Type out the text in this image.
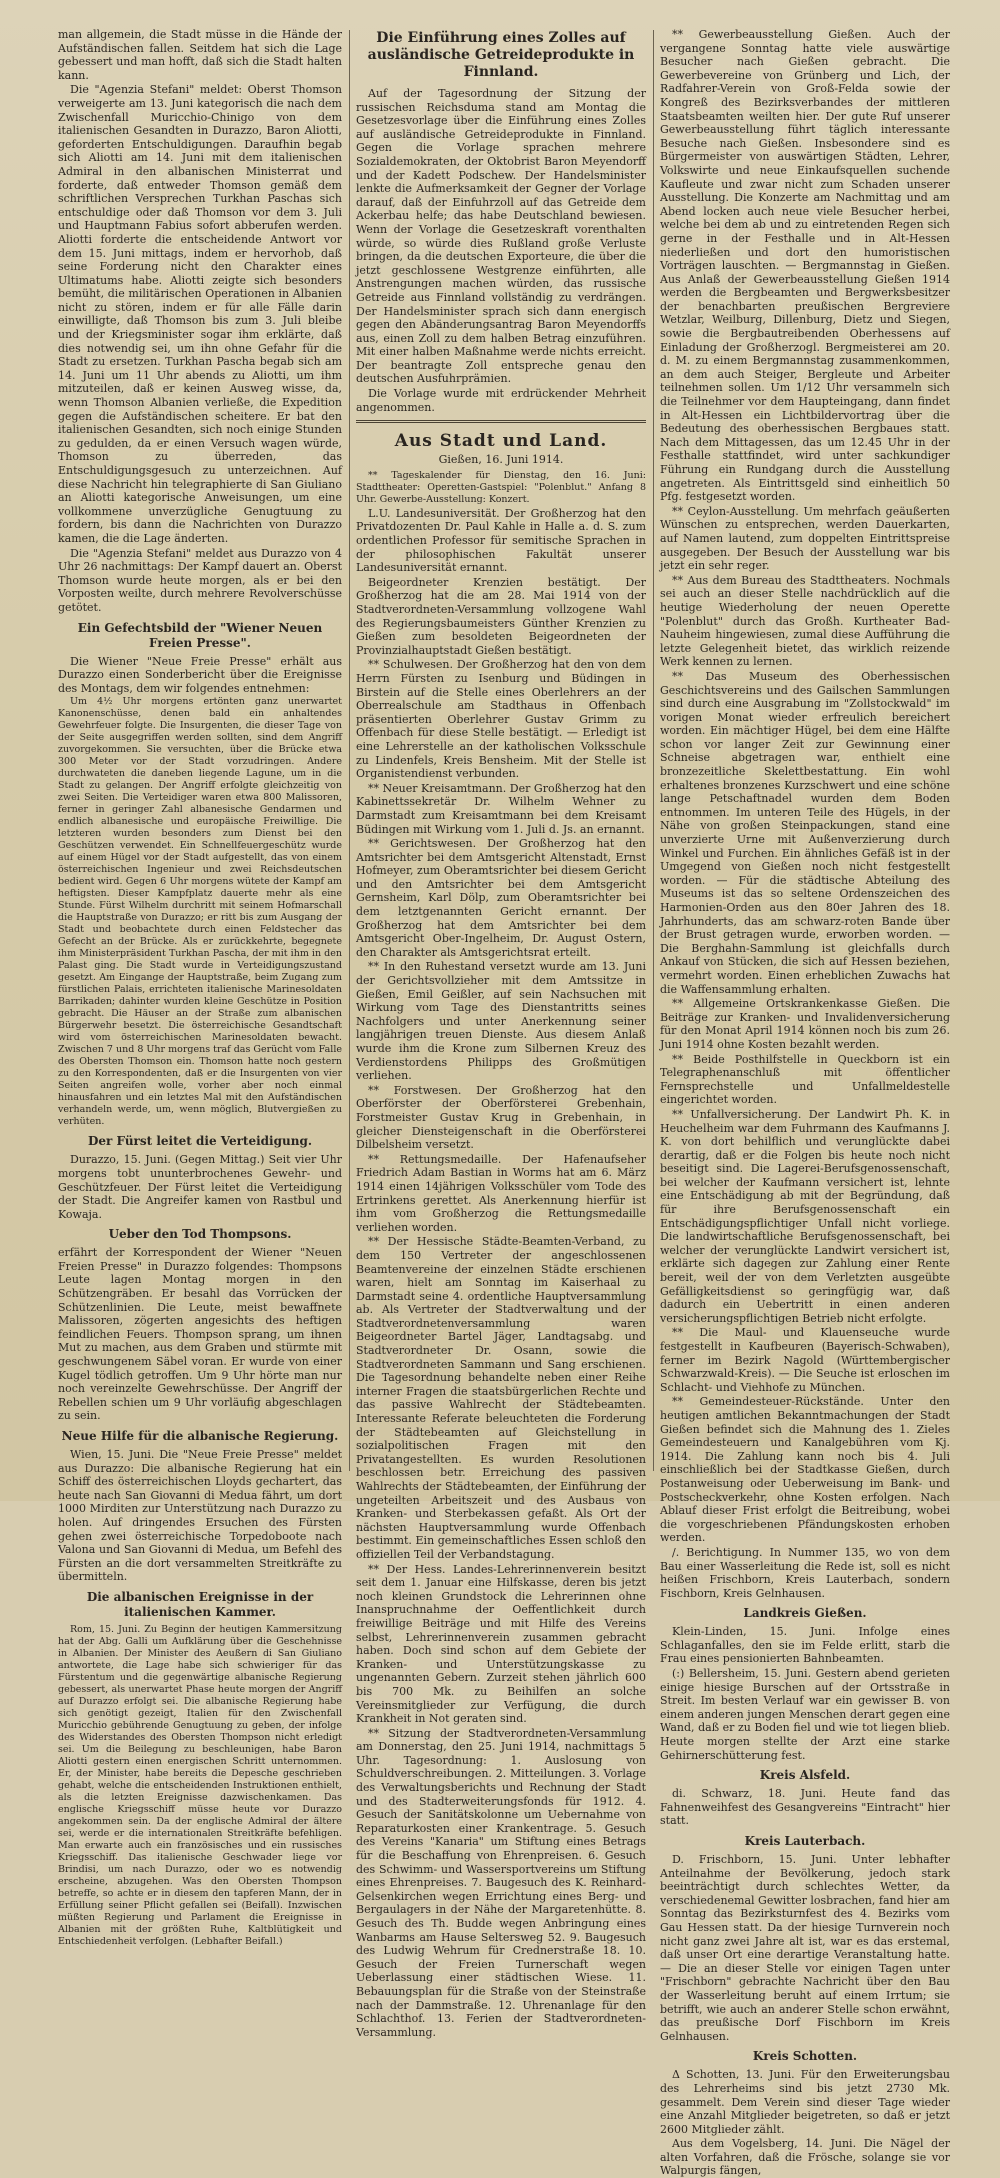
man allgemein, die Stadt müsse in die Hände der Aufständischen fallen. Seitdem hat sich die Lage gebessert und man hofft, daß sich die Stadt halten kann.

Die "Agenzia Stefani" meldet: Oberst Thomson verweigerte am 13. Juni kategorisch die nach dem Zwischenfall Muricchio-Chinigo von dem italienischen Gesandten in Durazzo, Baron Aliotti, geforderten Entschuldigungen. Daraufhin begab sich Aliotti am 14. Juni mit dem italienischen Admiral in den albanischen Ministerrat und forderte, daß entweder Thomson gemäß dem schriftlichen Versprechen Turkhan Paschas sich entschuldige oder daß Thomson vor dem 3. Juli und Hauptmann Fabius sofort abberufen werden. Aliotti forderte die entscheidende Antwort vor dem 15. Juni mittags, indem er hervorhob, daß seine Forderung nicht den Charakter eines Ultimatums habe. Aliotti zeigte sich besonders bemüht, die militärischen Operationen in Albanien nicht zu stören, indem er für alle Fälle darin einwilligte, daß Thomson bis zum 3. Juli bleibe und der Kriegsminister sogar ihm erklärte, daß dies notwendig sei, um ihn ohne Gefahr für die Stadt zu ersetzen. Turkhan Pascha begab sich am 14. Juni um 11 Uhr abends zu Aliotti, um ihm mitzuteilen, daß er keinen Ausweg wisse, da, wenn Thomson Albanien verließe, die Expedition gegen die Aufständischen scheitere. Er bat den italienischen Gesandten, sich noch einige Stunden zu gedulden, da er einen Versuch wagen würde, Thomson zu überreden, das Entschuldigungsgesuch zu unterzeichnen. Auf diese Nachricht hin telegraphierte di San Giuliano an Aliotti kategorische Anweisungen, um eine vollkommene unverzügliche Genugtuung zu fordern, bis dann die Nachrichten von Durazzo kamen, die die Lage änderten.

Die "Agenzia Stefani" meldet aus Durazzo von 4 Uhr 26 nachmittags: Der Kampf dauert an. Oberst Thomson wurde heute morgen, als er bei den Vorposten weilte, durch mehrere Revolverschüsse getötet.

Ein Gefechtsbild der "Wiener Neuen Freien Presse".

Die Wiener "Neue Freie Presse" erhält aus Durazzo einen Sonderbericht über die Ereignisse des Montags, dem wir folgendes entnehmen:

Um 4½ Uhr morgens ertönten ganz unerwartet Kanonenschüsse, denen bald ein anhaltendes Gewehrfeuer folgte. Die Insurgenten, die dieser Tage von der Seite ausgegriffen werden sollten, sind dem Angriff zuvorgekommen. Sie versuchten, über die Brücke etwa 300 Meter vor der Stadt vorzudringen. Andere durchwateten die daneben liegende Lagune, um in die Stadt zu gelangen. Der Angriff erfolgte gleichzeitig von zwei Seiten. Die Verteidiger waren etwa 800 Malissoren, ferner in geringer Zahl albanesische Gendarmen und endlich albanesische und europäische Freiwillige. Die letzteren wurden besonders zum Dienst bei den Geschützen verwendet. Ein Schnellfeuergeschütz wurde auf einem Hügel vor der Stadt aufgestellt, das von einem österreichischen Ingenieur und zwei Reichsdeutschen bedient wird. Gegen 6 Uhr morgens wütete der Kampf am heftigsten. Dieser Kampfplatz dauerte mehr als eine Stunde. Fürst Wilhelm durchritt mit seinem Hofmarschall die Hauptstraße von Durazzo; er ritt bis zum Ausgang der Stadt und beobachtete durch einen Feldstecher das Gefecht an der Brücke. Als er zurückkehrte, begegnete ihm Ministerpräsident Turkhan Pascha, der mit ihm in den Palast ging. Die Stadt wurde in Verteidigungszustand gesetzt. Am Eingange der Hauptstraße, beim Zugang zum fürstlichen Palais, errichteten italienische Marinesoldaten Barrikaden; dahinter wurden kleine Geschütze in Position gebracht. Die Häuser an der Straße zum albanischen Bürgerwehr besetzt. Die österreichische Gesandtschaft wird vom österreichischen Marinesoldaten bewacht. Zwischen 7 und 8 Uhr morgens traf das Gerücht vom Falle des Obersten Thomson ein. Thomson hatte noch gestern zu den Korrespondenten, daß er die Insurgenten von vier Seiten angreifen wolle, vorher aber noch einmal hinausfahren und ein letztes Mal mit den Aufständischen verhandeln werde, um, wenn möglich, Blutvergießen zu verhüten.

Der Fürst leitet die Verteidigung.

Durazzo, 15. Juni. (Gegen Mittag.) Seit vier Uhr morgens tobt ununterbrochenes Gewehr- und Geschützfeuer. Der Fürst leitet die Verteidigung der Stadt. Die Angreifer kamen von Rastbul und Kowaja.

Ueber den Tod Thompsons.

erfährt der Korrespondent der Wiener "Neuen Freien Presse" in Durazzo folgendes: Thompsons Leute lagen Montag morgen in den Schützengräben. Er besahl das Vorrücken der Schützenlinien. Die Leute, meist bewaffnete Malissoren, zögerten angesichts des heftigen feindlichen Feuers. Thompson sprang, um ihnen Mut zu machen, aus dem Graben und stürmte mit geschwungenem Säbel voran. Er wurde von einer Kugel tödlich getroffen. Um 9 Uhr hörte man nur noch vereinzelte Gewehrschüsse. Der Angriff der Rebellen schien um 9 Uhr vorläufig abgeschlagen zu sein.

Neue Hilfe für die albanische Regierung.

Wien, 15. Juni. Die "Neue Freie Presse" meldet aus Durazzo: Die albanische Regierung hat ein Schiff des österreichischen Lloyds gechartert, das heute nach San Giovanni di Medua fährt, um dort 1000 Mirditen zur Unterstützung nach Durazzo zu holen. Auf dringendes Ersuchen des Fürsten gehen zwei österreichische Torpedoboote nach Valona und San Giovanni di Medua, um Befehl des Fürsten an die dort versammelten Streitkräfte zu übermitteln.

Die albanischen Ereignisse in der italienischen Kammer.

Rom, 15. Juni. Zu Beginn der heutigen Kammersitzung hat der Abg. Galli um Aufklärung über die Geschehnisse in Albanien. Der Minister des Aeußern di San Giuliano antwortete, die Lage habe sich schwieriger für das Fürstentum und die gegenwärtige albanische Regierung gebessert, als unerwartet Phase heute morgen der Angriff auf Durazzo erfolgt sei. Die albanische Regierung habe sich genötigt gezeigt, Italien für den Zwischenfall Muricchio gebührende Genugtuung zu geben, der infolge des Widerstandes des Obersten Thompson nicht erledigt sei. Um die Beilegung zu beschleunigen, habe Baron Aliotti gestern einen energischen Schritt unternommen. Er, der Minister, habe bereits die Depesche geschrieben gehabt, welche die entscheidenden Instruktionen enthielt, als die letzten Ereignisse dazwischenkamen. Das englische Kriegsschiff müsse heute vor Durazzo angekommen sein. Da der englische Admiral der ältere sei, werde er die internationalen Streitkräfte befehligen. Man erwarte auch ein französisches und ein russisches Kriegsschiff. Das italienische Geschwader liege vor Brindisi, um nach Durazzo, oder wo es notwendig erscheine, abzugehen. Was den Obersten Thompson betreffe, so achte er in diesem den tapferen Mann, der in Erfüllung seiner Pflicht gefallen sei (Beifall). Inzwischen müßten Regierung und Parlament die Ereignisse in Albanien mit der größten Ruhe, Kaltblütigkeit und Entschiedenheit verfolgen. (Lebhafter Beifall.)

Die Einführung eines Zolles auf ausländische Getreideprodukte in Finnland.

Auf der Tagesordnung der Sitzung der russischen Reichsduma stand am Montag die Gesetzesvorlage über die Einführung eines Zolles auf ausländische Getreideprodukte in Finnland. Gegen die Vorlage sprachen mehrere Sozialdemokraten, der Oktobrist Baron Meyendorff und der Kadett Podschew. Der Handelsminister lenkte die Aufmerksamkeit der Gegner der Vorlage darauf, daß der Einfuhrzoll auf das Getreide dem Ackerbau helfe; das habe Deutschland bewiesen. Wenn der Vorlage die Gesetzeskraft vorenthalten würde, so würde dies Rußland große Verluste bringen, da die deutschen Exporteure, die über die jetzt geschlossene Westgrenze einführten, alle Anstrengungen machen würden, das russische Getreide aus Finnland vollständig zu verdrängen. Der Handelsminister sprach sich dann energisch gegen den Abänderungsantrag Baron Meyendorffs aus, einen Zoll zu dem halben Betrag einzuführen. Mit einer halben Maßnahme werde nichts erreicht. Der beantragte Zoll entspreche genau den deutschen Ausfuhrprämien.

Die Vorlage wurde mit erdrückender Mehrheit angenommen.

Aus Stadt und Land.

Gießen, 16. Juni 1914.

** Tageskalender für Dienstag, den 16. Juni: Stadttheater: Operetten-Gastspiel: "Polenblut." Anfang 8 Uhr. Gewerbe-Ausstellung: Konzert.

L.U. Landesuniversität. Der Großherzog hat den Privatdozenten Dr. Paul Kahle in Halle a. d. S. zum ordentlichen Professor für semitische Sprachen in der philosophischen Fakultät unserer Landesuniversität ernannt.

Beigeordneter Krenzien bestätigt. Der Großherzog hat die am 28. Mai 1914 von der Stadtverordneten-Versammlung vollzogene Wahl des Regierungsbaumeisters Günther Krenzien zu Gießen zum besoldeten Beigeordneten der Provinzialhauptstadt Gießen bestätigt.

** Schulwesen. Der Großherzog hat den von dem Herrn Fürsten zu Isenburg und Büdingen in Birstein auf die Stelle eines Oberlehrers an der Oberrealschule am Stadthaus in Offenbach präsentierten Oberlehrer Gustav Grimm zu Offenbach für diese Stelle bestätigt. — Erledigt ist eine Lehrerstelle an der katholischen Volksschule zu Lindenfels, Kreis Bensheim. Mit der Stelle ist Organistendienst verbunden.

** Neuer Kreisamtmann. Der Großherzog hat den Kabinettssekretär Dr. Wilhelm Wehner zu Darmstadt zum Kreisamtmann bei dem Kreisamt Büdingen mit Wirkung vom 1. Juli d. Js. an ernannt.

** Gerichtswesen. Der Großherzog hat den Amtsrichter bei dem Amtsgericht Altenstadt, Ernst Hofmeyer, zum Oberamtsrichter bei diesem Gericht und den Amtsrichter bei dem Amtsgericht Gernsheim, Karl Dölp, zum Oberamtsrichter bei dem letztgenannten Gericht ernannt. Der Großherzog hat dem Amtsrichter bei dem Amtsgericht Ober-Ingelheim, Dr. August Ostern, den Charakter als Amtsgerichtsrat erteilt.

** In den Ruhestand versetzt wurde am 13. Juni der Gerichtsvollzieher mit dem Amtssitze in Gießen, Emil Geißler, auf sein Nachsuchen mit Wirkung vom Tage des Dienstantritts seines Nachfolgers und unter Anerkennung seiner langjährigen treuen Dienste. Aus diesem Anlaß wurde ihm die Krone zum Silbernen Kreuz des Verdienstordens Philipps des Großmütigen verliehen.

** Forstwesen. Der Großherzog hat den Oberförster der Oberförsterei Grebenhain, Forstmeister Gustav Krug in Grebenhain, in gleicher Diensteigenschaft in die Oberförsterei Dilbelsheim versetzt.

** Rettungsmedaille. Der Hafenaufseher Friedrich Adam Bastian in Worms hat am 6. März 1914 einen 14jährigen Volksschüler vom Tode des Ertrinkens gerettet. Als Anerkennung hierfür ist ihm vom Großherzog die Rettungsmedaille verliehen worden.

** Der Hessische Städte-Beamten-Verband, zu dem 150 Vertreter der angeschlossenen Beamtenvereine der einzelnen Städte erschienen waren, hielt am Sonntag im Kaiserhaal zu Darmstadt seine 4. ordentliche Hauptversammlung ab. Als Vertreter der Stadtverwaltung und der Stadtverordnetenversammlung waren Beigeordneter Bartel Jäger, Landtagsabg. und Stadtverordneter Dr. Osann, sowie die Stadtverordneten Sammann und Sang erschienen. Die Tagesordnung behandelte neben einer Reihe interner Fragen die staatsbürgerlichen Rechte und das passive Wahlrecht der Städtebeamten. Interessante Referate beleuchteten die Forderung der Städtebeamten auf Gleichstellung in sozialpolitischen Fragen mit den Privatangestellten. Es wurden Resolutionen beschlossen betr. Erreichung des passiven Wahlrechts der Städtebeamten, der Einführung der ungeteilten Arbeitszeit und des Ausbaus von Kranken- und Sterbekassen gefaßt. Als Ort der nächsten Hauptversammlung wurde Offenbach bestimmt. Ein gemeinschaftliches Essen schloß den offiziellen Teil der Verbandstagung.

** Der Hess. Landes-Lehrerinnenverein besitzt seit dem 1. Januar eine Hilfskasse, deren bis jetzt noch kleinen Grundstock die Lehrerinnen ohne Inanspruchnahme der Oeffentlichkeit durch freiwillige Beiträge und mit Hilfe des Vereins selbst, Lehrerinnenverein zusammen gebracht haben. Doch sind schon auf dem Gebiete der Kranken- und Unterstützungskasse zu ungenannten Gebern. Zurzeit stehen jährlich 600 bis 700 Mk. zu Beihilfen an solche Vereinsmitglieder zur Verfügung, die durch Krankheit in Not geraten sind.

** Sitzung der Stadtverordneten-Versammlung am Donnerstag, den 25. Juni 1914, nachmittags 5 Uhr. Tagesordnung: 1. Auslosung von Schuldverschreibungen. 2. Mitteilungen. 3. Vorlage des Verwaltungsberichts und Rechnung der Stadt und des Stadterweiterungsfonds für 1912. 4. Gesuch der Sanitätskolonne um Uebernahme von Reparaturkosten einer Krankentrage. 5. Gesuch des Vereins "Kanaria" um Stiftung eines Betrags für die Beschaffung von Ehrenpreisen. 6. Gesuch des Schwimm- und Wassersportvereins um Stiftung eines Ehrenpreises. 7. Baugesuch des K. Reinhard-Gelsenkirchen wegen Errichtung eines Berg- und Bergaulagers in der Nähe der Margaretenhütte. 8. Gesuch des Th. Budde wegen Anbringung eines Wanbarms am Hause Seltersweg 52. 9. Baugesuch des Ludwig Wehrum für Crednerstraße 18. 10. Gesuch der Freien Turnerschaft wegen Ueberlassung einer städtischen Wiese. 11. Bebauungsplan für die Straße von der Steinstraße nach der Dammstraße. 12. Uhrenanlage für den Schlachthof. 13. Ferien der Stadtverordneten-Versammlung.

** Gewerbeausstellung Gießen. Auch der vergangene Sonntag hatte viele auswärtige Besucher nach Gießen gebracht. Die Gewerbevereine von Grünberg und Lich, der Radfahrer-Verein von Groß-Felda sowie der Kongreß des Bezirksverbandes der mittleren Staatsbeamten weilten hier. Der gute Ruf unserer Gewerbeausstellung führt täglich interessante Besuche nach Gießen. Insbesondere sind es Bürgermeister von auswärtigen Städten, Lehrer, Volkswirte und neue Einkaufsquellen suchende Kaufleute und zwar nicht zum Schaden unserer Ausstellung. Die Konzerte am Nachmittag und am Abend locken auch neue viele Besucher herbei, welche bei dem ab und zu eintretenden Regen sich gerne in der Festhalle und in Alt-Hessen niederließen und dort den humoristischen Vorträgen lauschten. — Bergmannstag in Gießen. Aus Anlaß der Gewerbeausstellung Gießen 1914 werden die Bergbeamten und Bergwerksbesitzer der benachbarten preußischen Bergreviere Wetzlar, Weilburg, Dillenburg, Dietz und Siegen, sowie die Bergbautreibenden Oberhessens auf Einladung der Großherzogl. Bergmeisterei am 20. d. M. zu einem Bergmannstag zusammenkommen, an dem auch Steiger, Bergleute und Arbeiter teilnehmen sollen. Um 1/12 Uhr versammeln sich die Teilnehmer vor dem Haupteingang, dann findet in Alt-Hessen ein Lichtbildervortrag über die Bedeutung des oberhessischen Bergbaues statt. Nach dem Mittagessen, das um 12.45 Uhr in der Festhalle stattfindet, wird unter sachkundiger Führung ein Rundgang durch die Ausstellung angetreten. Als Eintrittsgeld sind einheitlich 50 Pfg. festgesetzt worden.

** Ceylon-Ausstellung. Um mehrfach geäußerten Wünschen zu entsprechen, werden Dauerkarten, auf Namen lautend, zum doppelten Eintrittspreise ausgegeben. Der Besuch der Ausstellung war bis jetzt ein sehr reger.

** Aus dem Bureau des Stadttheaters. Nochmals sei auch an dieser Stelle nachdrücklich auf die heutige Wiederholung der neuen Operette "Polenblut" durch das Großh. Kurtheater Bad-Nauheim hingewiesen, zumal diese Aufführung die letzte Gelegenheit bietet, das wirklich reizende Werk kennen zu lernen.

** Das Museum des Oberhessischen Geschichtsvereins und des Gailschen Sammlungen sind durch eine Ausgrabung im "Zollstockwald" im vorigen Monat wieder erfreulich bereichert worden. Ein mächtiger Hügel, bei dem eine Hälfte schon vor langer Zeit zur Gewinnung einer Schneise abgetragen war, enthielt eine bronzezeitliche Skelettbestattung. Ein wohl erhaltenes bronzenes Kurzschwert und eine schöne lange Petschaftnadel wurden dem Boden entnommen. Im unteren Teile des Hügels, in der Nähe von großen Steinpackungen, stand eine unverzierte Urne mit Außenverzierung durch Winkel und Furchen. Ein ähnliches Gefäß ist in der Umgegend von Gießen noch nicht festgestellt worden. — Für die städtische Abteilung des Museums ist das so seltene Ordenszeichen des Harmonien-Orden aus den 80er Jahren des 18. Jahrhunderts, das am schwarz-roten Bande über der Brust getragen wurde, erworben worden. — Die Berghahn-Sammlung ist gleichfalls durch Ankauf von Stücken, die sich auf Hessen beziehen, vermehrt worden. Einen erheblichen Zuwachs hat die Waffensammlung erhalten.

** Allgemeine Ortskrankenkasse Gießen. Die Beiträge zur Kranken- und Invalidenversicherung für den Monat April 1914 können noch bis zum 26. Juni 1914 ohne Kosten bezahlt werden.

** Beide Posthilfstelle in Queckborn ist ein Telegraphenanschluß mit öffentlicher Fernsprechstelle und Unfallmeldestelle eingerichtet worden.

** Unfallversicherung. Der Landwirt Ph. K. in Heuchelheim war dem Fuhrmann des Kaufmanns J. K. von dort behilflich und verunglückte dabei derartig, daß er die Folgen bis heute noch nicht beseitigt sind. Die Lagerei-Berufsgenossenschaft, bei welcher der Kaufmann versichert ist, lehnte eine Entschädigung ab mit der Begründung, daß für ihre Berufsgenossenschaft ein Entschädigungspflichtiger Unfall nicht vorliege. Die landwirtschaftliche Berufsgenossenschaft, bei welcher der verunglückte Landwirt versichert ist, erklärte sich dagegen zur Zahlung einer Rente bereit, weil der von dem Verletzten ausgeübte Gefälligkeitsdienst so geringfügig war, daß dadurch ein Uebertritt in einen anderen versicherungspflichtigen Betrieb nicht erfolgte.

** Die Maul- und Klauenseuche wurde festgestellt in Kaufbeuren (Bayerisch-Schwaben), ferner im Bezirk Nagold (Württembergischer Schwarzwald-Kreis). — Die Seuche ist erloschen im Schlacht- und Viehhofe zu München.

** Gemeindesteuer-Rückstände. Unter den heutigen amtlichen Bekanntmachungen der Stadt Gießen befindet sich die Mahnung des 1. Zieles Gemeindesteuern und Kanalgebühren vom Kj. 1914. Die Zahlung kann noch bis 4. Juli einschließlich bei der Stadtkasse Gießen, durch Postanweisung oder Ueberweisung im Bank- und Postscheckverkehr, ohne Kosten erfolgen. Nach Ablauf dieser Frist erfolgt die Beitreibung, wobei die vorgeschriebenen Pfändungskosten erhoben werden.

/. Berichtigung. In Nummer 135, wo von dem Bau einer Wasserleitung die Rede ist, soll es nicht heißen Frischborn, Kreis Lauterbach, sondern Fischborn, Kreis Gelnhausen.

Landkreis Gießen.

Klein-Linden, 15. Juni. Infolge eines Schlaganfalles, den sie im Felde erlitt, starb die Frau eines pensionierten Bahnbeamten.

(:) Bellersheim, 15. Juni. Gestern abend gerieten einige hiesige Burschen auf der Ortsstraße in Streit. Im besten Verlauf war ein gewisser B. von einem anderen jungen Menschen derart gegen eine Wand, daß er zu Boden fiel und wie tot liegen blieb. Heute morgen stellte der Arzt eine starke Gehirnerschütterung fest.

Kreis Alsfeld.

di. Schwarz, 18. Juni. Heute fand das Fahnenweihfest des Gesangvereins "Eintracht" hier statt.

Kreis Lauterbach.

D. Frischborn, 15. Juni. Unter lebhafter Anteilnahme der Bevölkerung, jedoch stark beeinträchtigt durch schlechtes Wetter, da verschiedenemal Gewitter losbrachen, fand hier am Sonntag das Bezirksturnfest des 4. Bezirks vom Gau Hessen statt. Da der hiesige Turnverein noch nicht ganz zwei Jahre alt ist, war es das erstemal, daß unser Ort eine derartige Veranstaltung hatte. — Die an dieser Stelle vor einigen Tagen unter "Frischborn" gebrachte Nachricht über den Bau der Wasserleitung beruht auf einem Irrtum; sie betrifft, wie auch an anderer Stelle schon erwähnt, das preußische Dorf Fischborn im Kreis Gelnhausen.

Kreis Schotten.

Δ Schotten, 13. Juni. Für den Erweiterungsbau des Lehrerheims sind bis jetzt 2730 Mk. gesammelt. Dem Verein sind dieser Tage wieder eine Anzahl Mitglieder beigetreten, so daß er jetzt 2600 Mitglieder zählt.

Aus dem Vogelsberg, 14. Juni. Die Nägel der alten Vorfahren, daß die Frösche, solange sie vor Walpurgis fängen,
